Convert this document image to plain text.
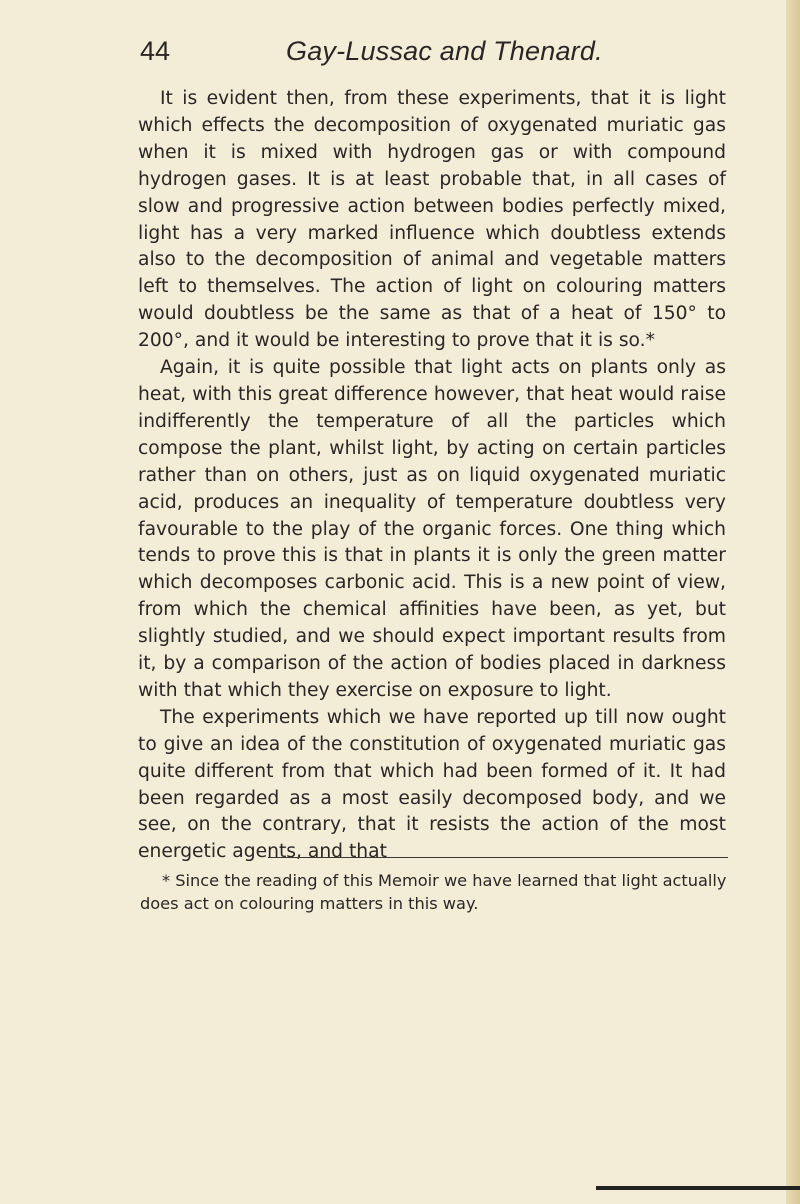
44	Gay-Lussac and Thenard.

It is evident then, from these experiments, that it is light which effects the decomposition of oxygenated muriatic gas when it is mixed with hydrogen gas or with compound hydrogen gases. It is at least probable that, in all cases of slow and progressive action between bodies perfectly mixed, light has a very marked influence which doubtless extends also to the decomposition of animal and vegetable matters left to themselves. The action of light on colouring matters would doubtless be the same as that of a heat of 150° to 200°, and it would be interesting to prove that it is so.*

Again, it is quite possible that light acts on plants only as heat, with this great difference however, that heat would raise indifferently the temperature of all the particles which compose the plant, whilst light, by acting on certain particles rather than on others, just as on liquid oxygenated muriatic acid, produces an inequality of temperature doubtless very favourable to the play of the organic forces. One thing which tends to prove this is that in plants it is only the green matter which decomposes carbonic acid. This is a new point of view, from which the chemical affinities have been, as yet, but slightly studied, and we should expect important results from it, by a comparison of the action of bodies placed in darkness with that which they exercise on exposure to light.

The experiments which we have reported up till now ought to give an idea of the constitution of oxygenated muriatic gas quite different from that which had been formed of it. It had been regarded as a most easily decomposed body, and we see, on the contrary, that it resists the action of the most energetic agents, and that

* Since the reading of this Memoir we have learned that light actually does act on colouring matters in this way.
